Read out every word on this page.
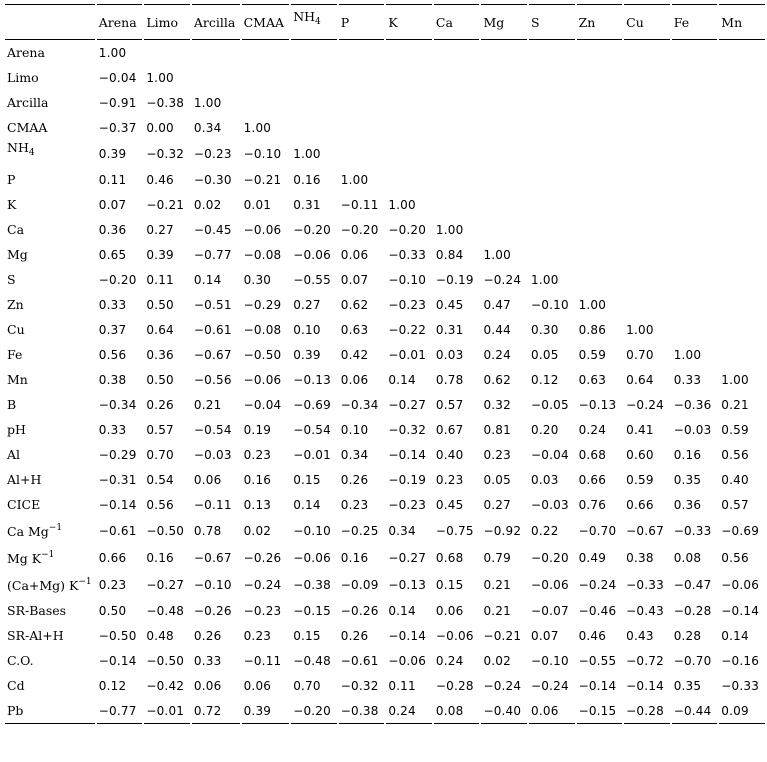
	Arena	Limo	Arcilla	CMAA	$NH_4$	P	K	Ca	Mg	S	Zn	Cu	Fe	Mn
Arena	1.00													
Limo	−0.04	1.00												
Arcilla	−0.91	−0.38	1.00											
CMAA	−0.37	0.00	0.34	1.00										
$NH_4$	0.39	−0.32	−0.23	−0.10	1.00									
P	0.11	0.46	−0.30	−0.21	0.16	1.00								
K	0.07	−0.21	0.02	0.01	0.31	−0.11	1.00							
Ca	0.36	0.27	−0.45	−0.06	−0.20	−0.20	−0.20	1.00						
Mg	0.65	0.39	−0.77	−0.08	−0.06	0.06	−0.33	0.84	1.00					
S	−0.20	0.11	0.14	0.30	−0.55	0.07	−0.10	−0.19	−0.24	1.00				
Zn	0.33	0.50	−0.51	−0.29	0.27	0.62	−0.23	0.45	0.47	−0.10	1.00			
Cu	0.37	0.64	−0.61	−0.08	0.10	0.63	−0.22	0.31	0.44	0.30	0.86	1.00		
Fe	0.56	0.36	−0.67	−0.50	0.39	0.42	−0.01	0.03	0.24	0.05	0.59	0.70	1.00	
Mn	0.38	0.50	−0.56	−0.06	−0.13	0.06	0.14	0.78	0.62	0.12	0.63	0.64	0.33	1.00
B	−0.34	0.26	0.21	−0.04	−0.69	−0.34	−0.27	0.57	0.32	−0.05	−0.13	−0.24	−0.36	0.21
pH	0.33	0.57	−0.54	0.19	−0.54	0.10	−0.32	0.67	0.81	0.20	0.24	0.41	−0.03	0.59
Al	−0.29	0.70	−0.03	0.23	−0.01	0.34	−0.14	0.40	0.23	−0.04	0.68	0.60	0.16	0.56
Al+H	−0.31	0.54	0.06	0.16	0.15	0.26	−0.19	0.23	0.05	0.03	0.66	0.59	0.35	0.40
CICE	−0.14	0.56	−0.11	0.13	0.14	0.23	−0.23	0.45	0.27	−0.03	0.76	0.66	0.36	0.57
Ca $Mg^{-1}$	−0.61	−0.50	0.78	0.02	−0.10	−0.25	0.34	−0.75	−0.92	0.22	−0.70	−0.67	−0.33	−0.69
Mg $K^{-1}$	0.66	0.16	−0.67	−0.26	−0.06	0.16	−0.27	0.68	0.79	−0.20	0.49	0.38	0.08	0.56
(Ca+Mg) $K^{-1}$	0.23	−0.27	−0.10	−0.24	−0.38	−0.09	−0.13	0.15	0.21	−0.06	−0.24	−0.33	−0.47	−0.06
SR-Bases	0.50	−0.48	−0.26	−0.23	−0.15	−0.26	0.14	0.06	0.21	−0.07	−0.46	−0.43	−0.28	−0.14
SR-Al+H	−0.50	0.48	0.26	0.23	0.15	0.26	−0.14	−0.06	−0.21	0.07	0.46	0.43	0.28	0.14
C.O.	−0.14	−0.50	0.33	−0.11	−0.48	−0.61	−0.06	0.24	0.02	−0.10	−0.55	−0.72	−0.70	−0.16
Cd	0.12	−0.42	0.06	0.06	0.70	−0.32	0.11	−0.28	−0.24	−0.24	−0.14	−0.14	0.35	−0.33
Pb	−0.77	−0.01	0.72	0.39	−0.20	−0.38	0.24	0.08	−0.40	0.06	−0.15	−0.28	−0.44	0.09
